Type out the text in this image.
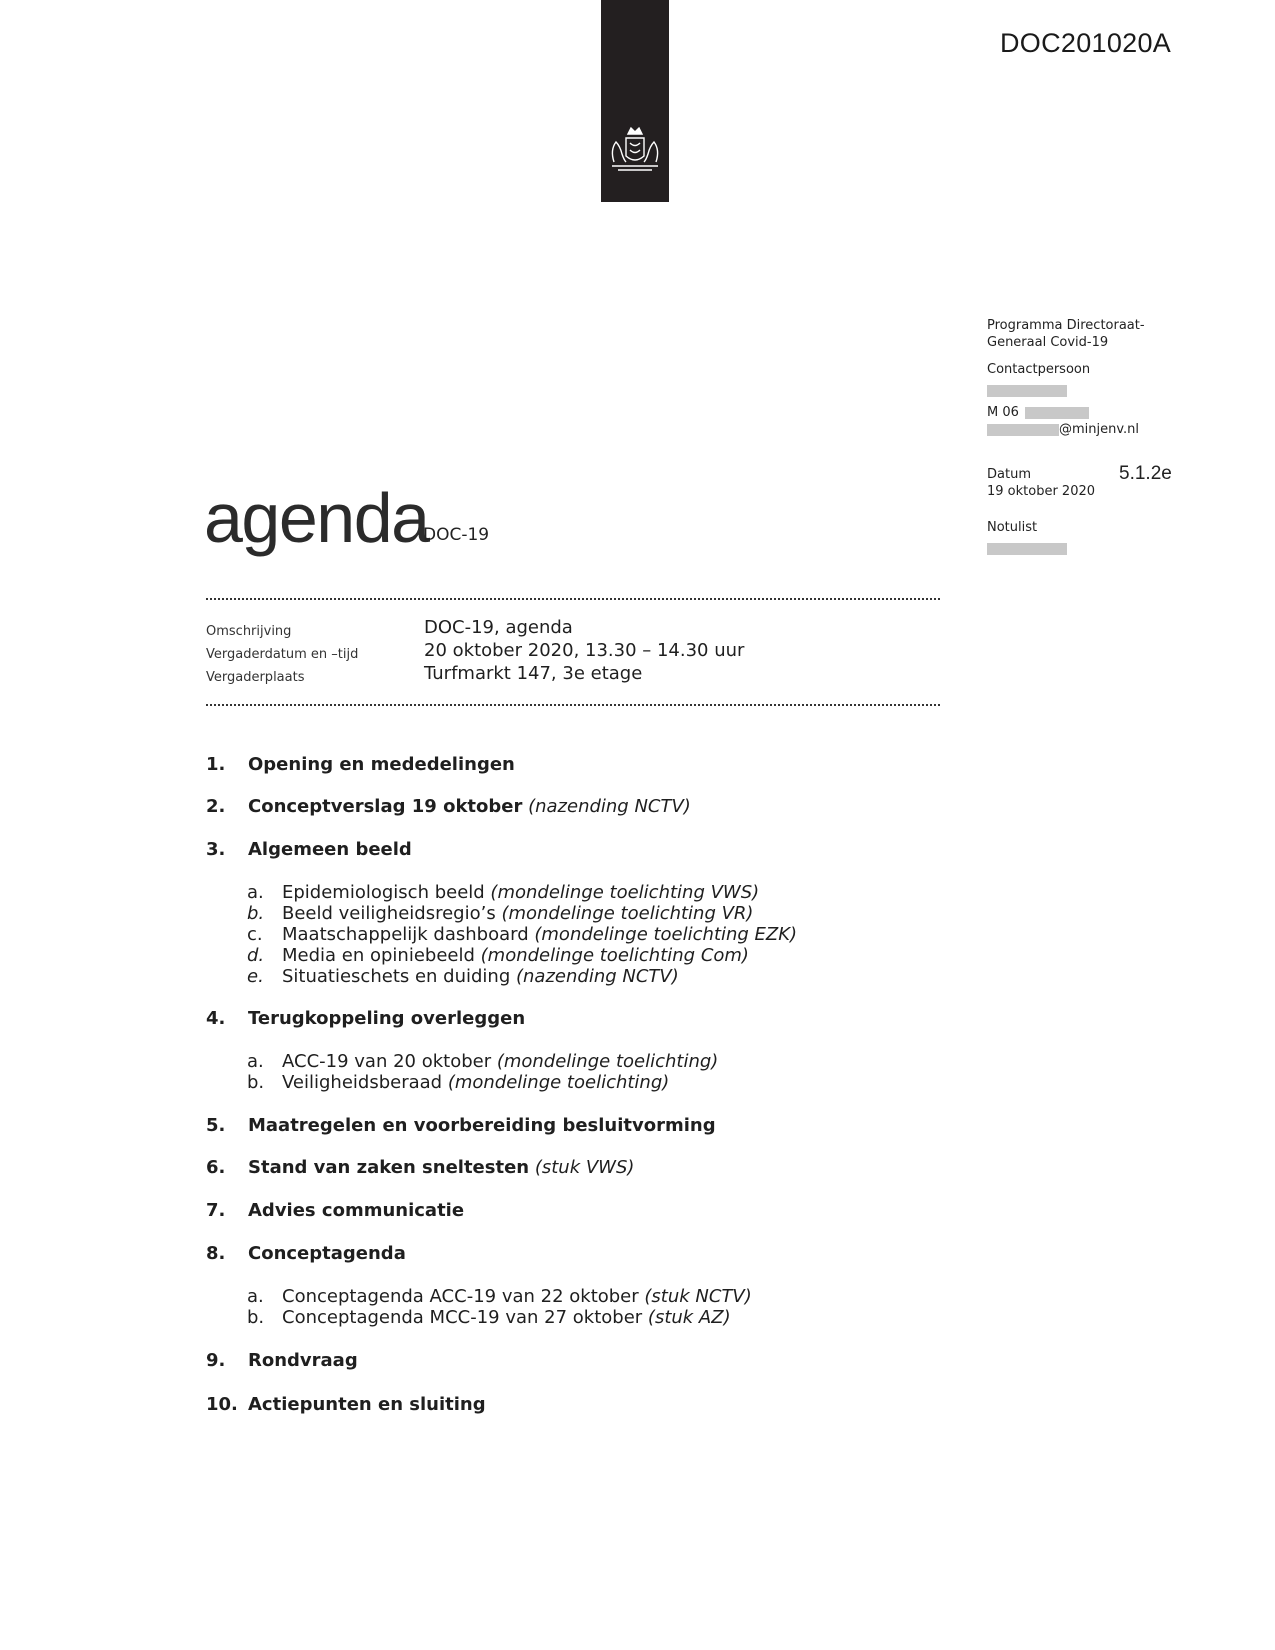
DOC201020A
Programma Directoraat-
Generaal Covid-19
Contactpersoon
M 06
@minjenv.nl
Datum
19 oktober 2020
Notulist
5.1.2e
agenda
DOC-19
Omschrijving	DOC-19, agenda
Vergaderdatum en –tijd	20 oktober 2020, 13.30 – 14.30 uur
Vergaderplaats	Turfmarkt 147, 3e etage
1. Opening en mededelingen
2. Conceptverslag 19 oktober (nazending NCTV)
3. Algemeen beeld
a. Epidemiologisch beeld (mondelinge toelichting VWS)
b. Beeld veiligheidsregio’s (mondelinge toelichting VR)
c. Maatschappelijk dashboard (mondelinge toelichting EZK)
d. Media en opiniebeeld (mondelinge toelichting Com)
e. Situatieschets en duiding (nazending NCTV)
4. Terugkoppeling overleggen
a. ACC-19 van 20 oktober (mondelinge toelichting)
b. Veiligheidsberaad (mondelinge toelichting)
5. Maatregelen en voorbereiding besluitvorming
6. Stand van zaken sneltesten (stuk VWS)
7. Advies communicatie
8. Conceptagenda
a. Conceptagenda ACC-19 van 22 oktober (stuk NCTV)
b. Conceptagenda MCC-19 van 27 oktober (stuk AZ)
9. Rondvraag
10. Actiepunten en sluiting
